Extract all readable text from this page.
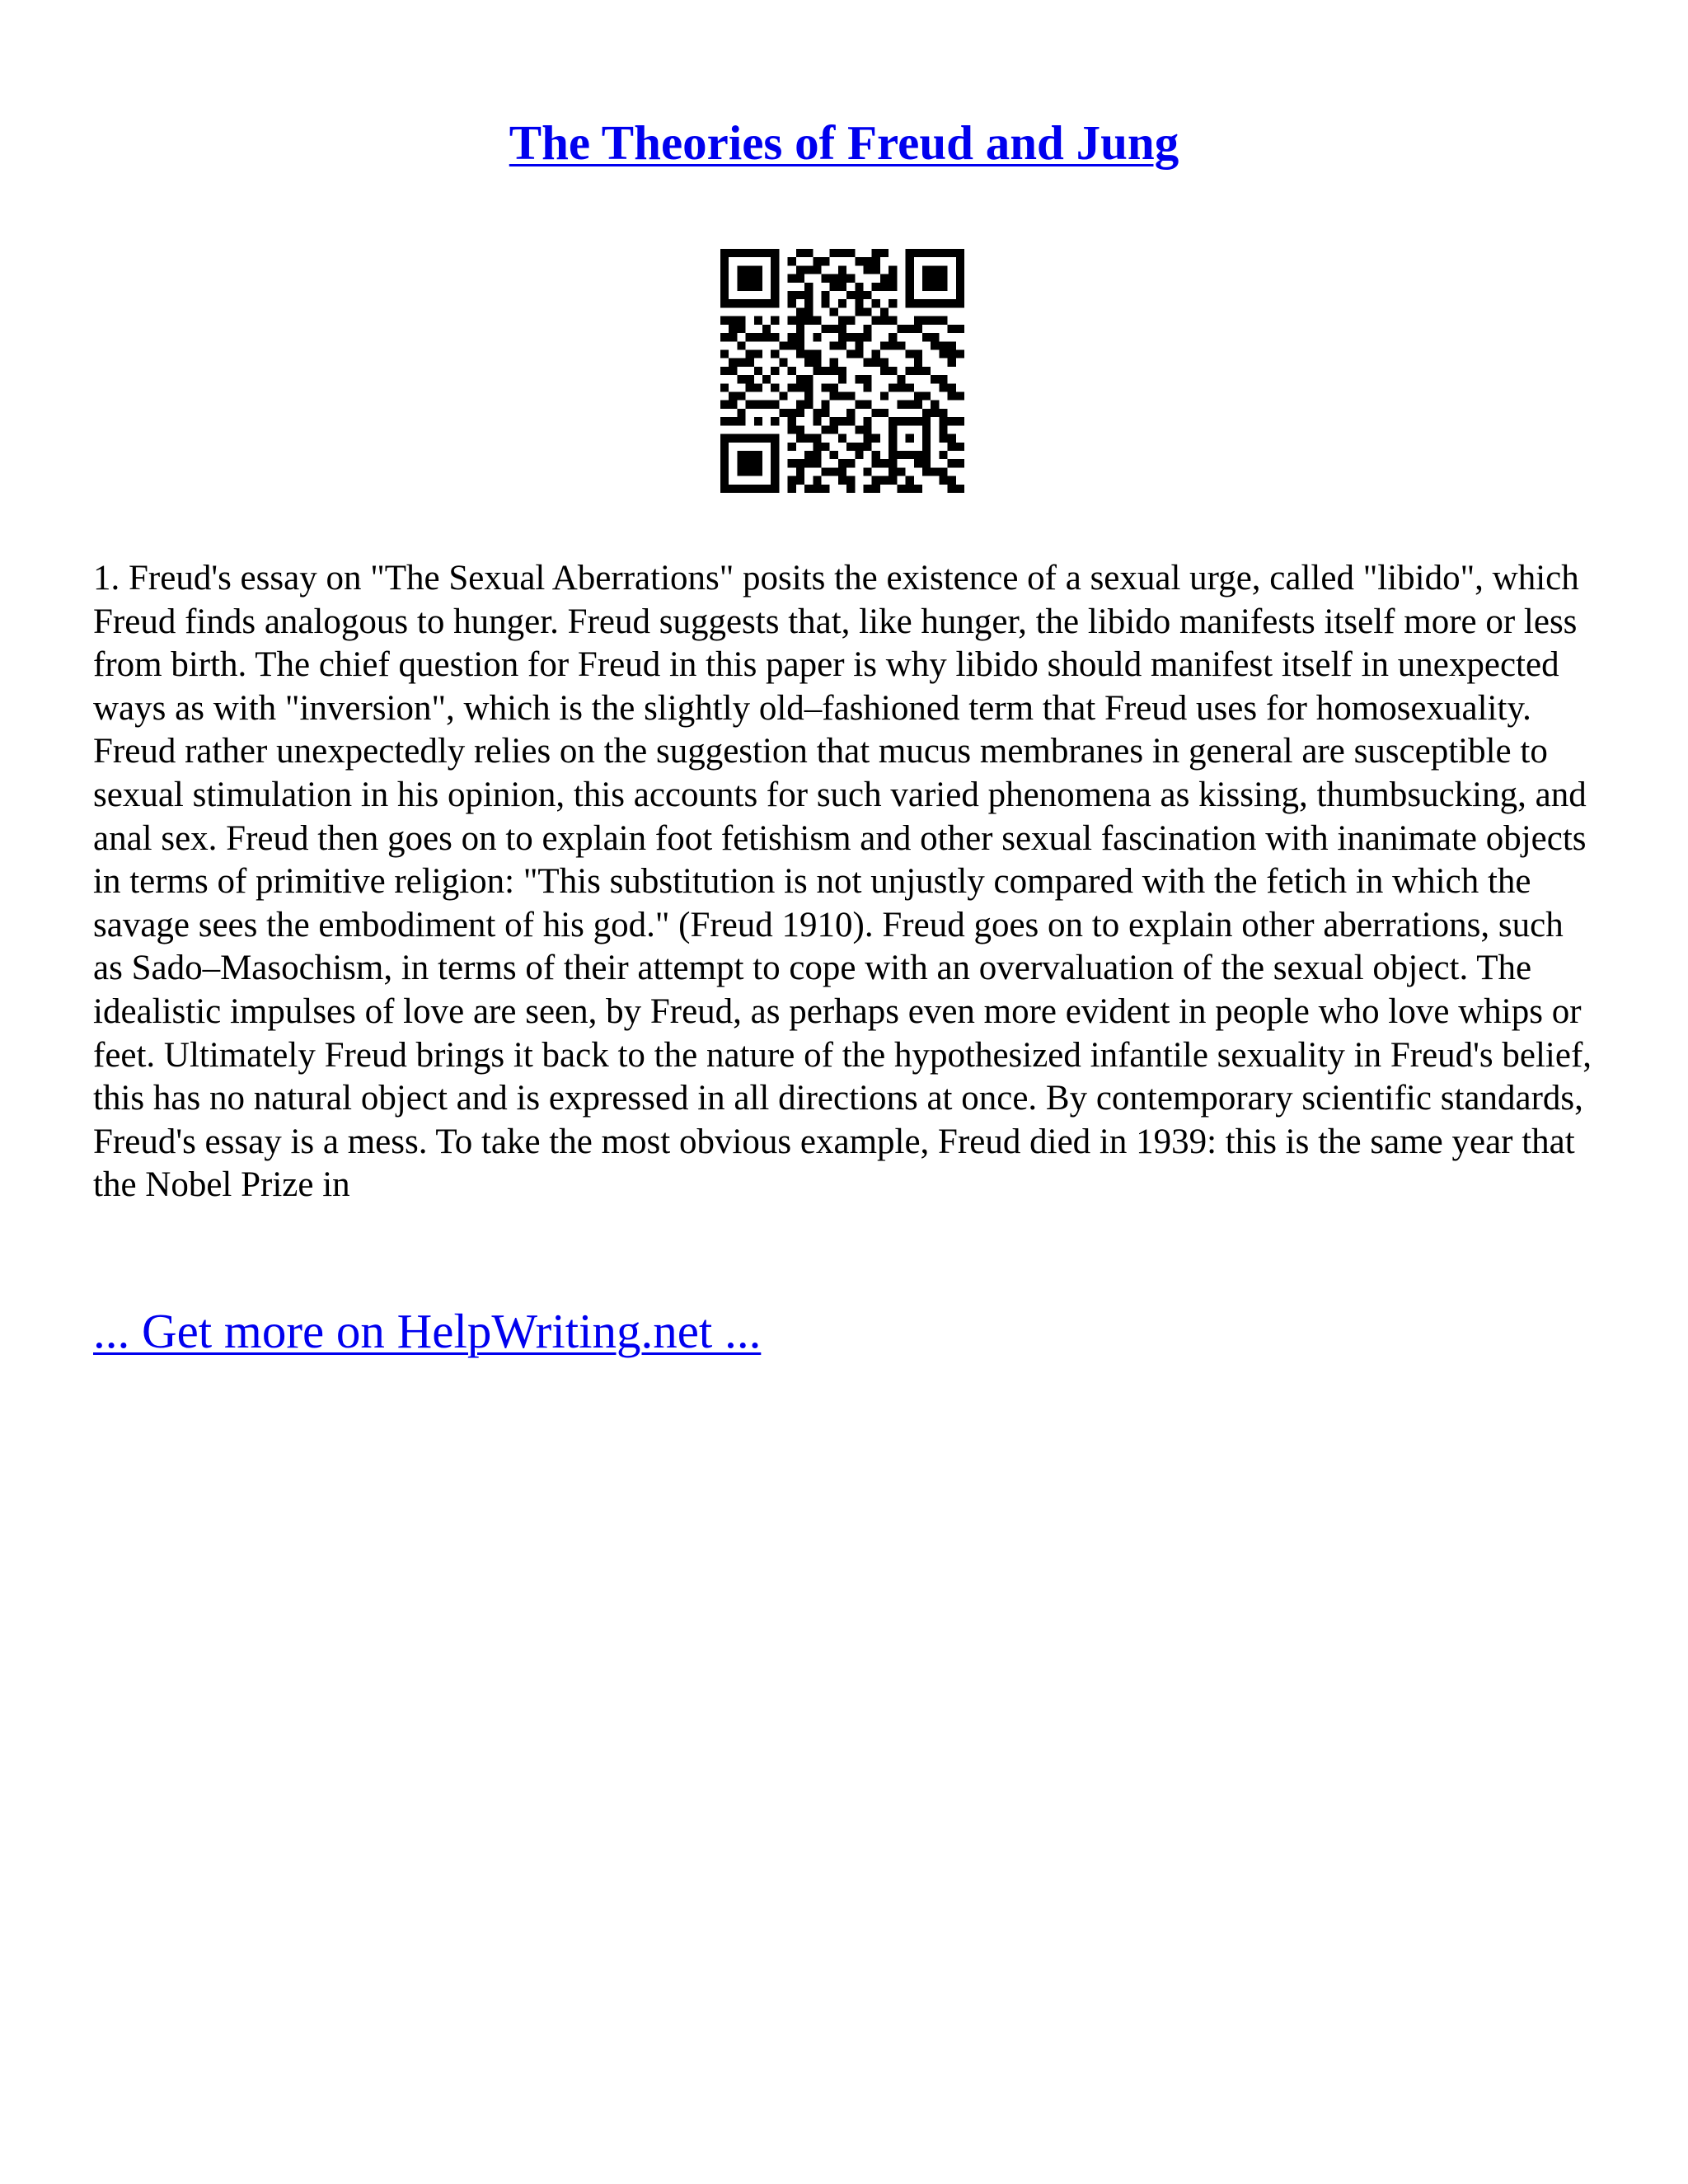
The Theories of Freud and Jung

1. Freud's essay on "The Sexual Aberrations" posits the existence of a sexual urge, called "libido", which Freud finds analogous to hunger. Freud suggests that, like hunger, the libido manifests itself more or less from birth. The chief question for Freud in this paper is why libido should manifest itself in unexpected ways as with "inversion", which is the slightly old–fashioned term that Freud uses for homosexuality. Freud rather unexpectedly relies on the suggestion that mucus membranes in general are susceptible to sexual stimulation in his opinion, this accounts for such varied phenomena as kissing, thumbsucking, and anal sex. Freud then goes on to explain foot fetishism and other sexual fascination with inanimate objects in terms of primitive religion: "This substitution is not unjustly compared with the fetich in which the savage sees the embodiment of his god." (Freud 1910). Freud goes on to explain other aberrations, such as Sado–Masochism, in terms of their attempt to cope with an overvaluation of the sexual object. The idealistic impulses of love are seen, by Freud, as perhaps even more evident in people who love whips or feet. Ultimately Freud brings it back to the nature of the hypothesized infantile sexuality in Freud's belief, this has no natural object and is expressed in all directions at once. By contemporary scientific standards, Freud's essay is a mess. To take the most obvious example, Freud died in 1939: this is the same year that the Nobel Prize in

... Get more on HelpWriting.net ...
